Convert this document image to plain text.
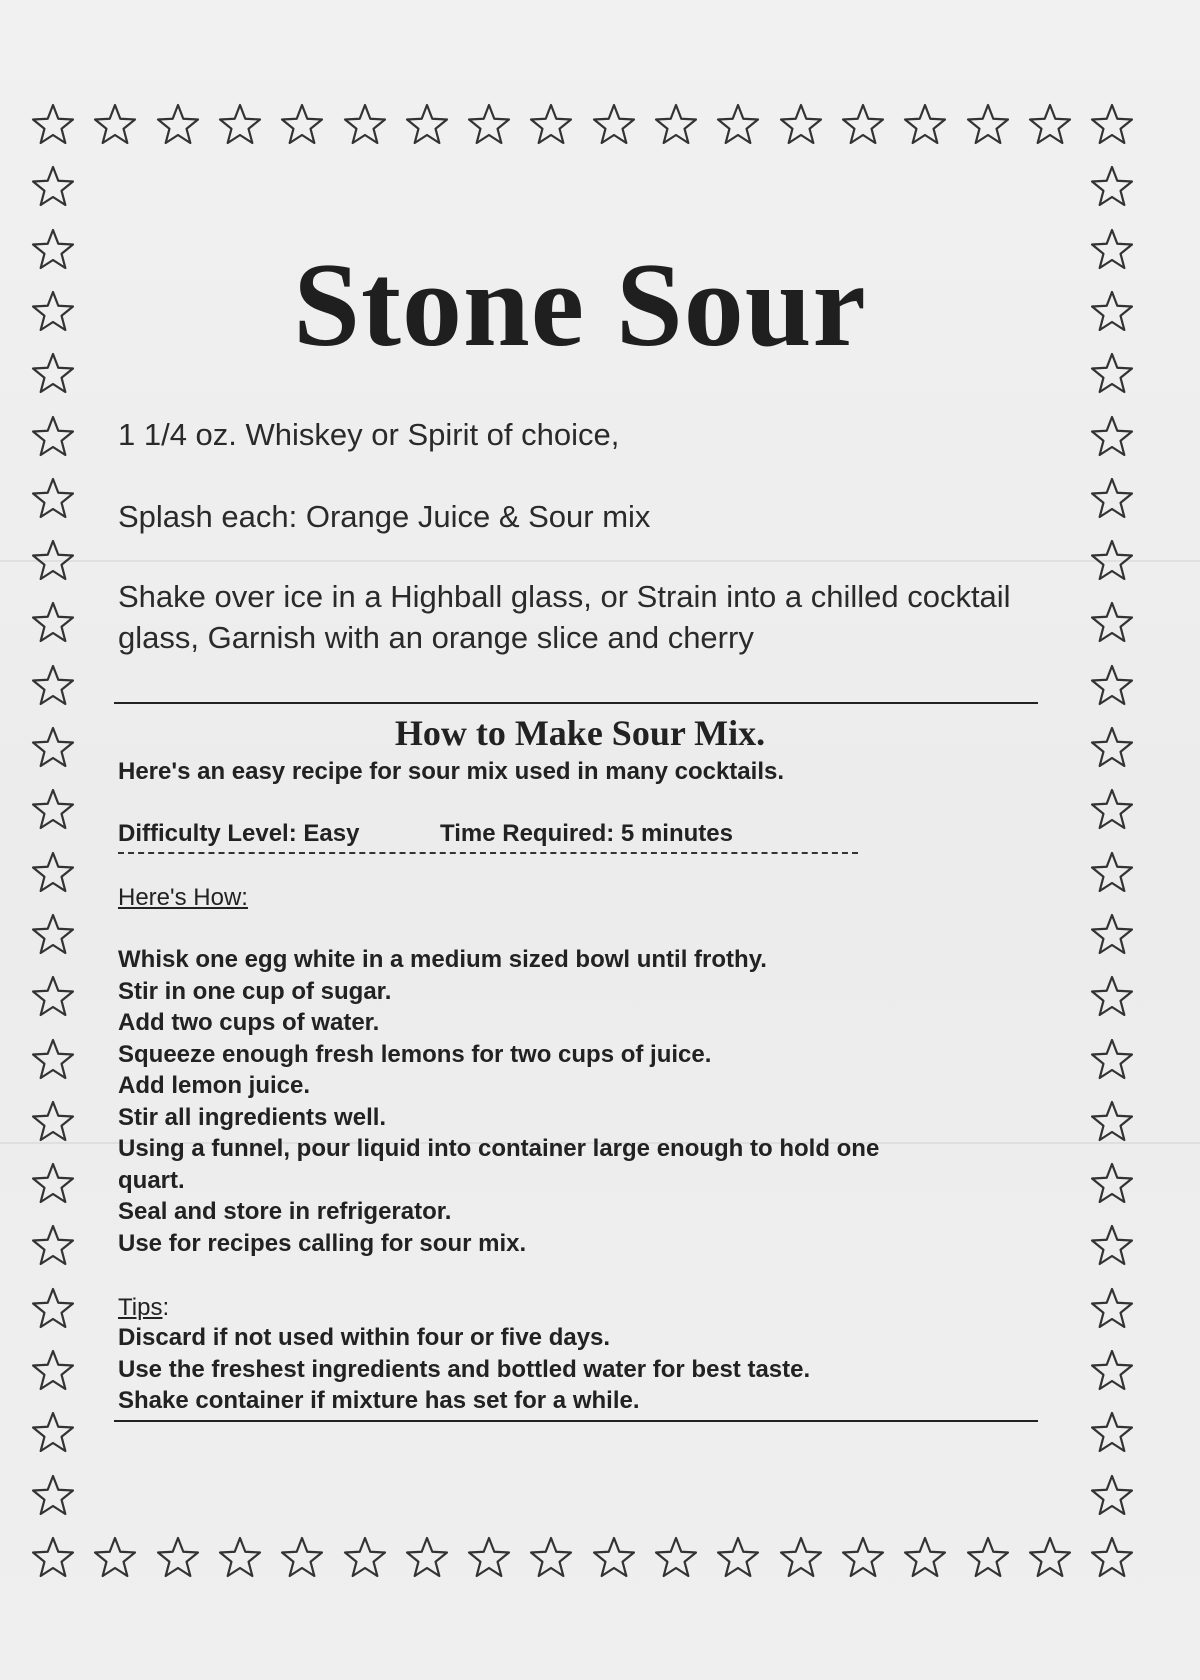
Stone Sour

1 1/4 oz. Whiskey or Spirit of choice,

Splash each: Orange Juice & Sour mix

Shake over ice in a Highball glass, or Strain into a chilled cocktail glass, Garnish with an orange slice and cherry

How to Make Sour Mix.

Here's an easy recipe for sour mix used in many cocktails.

Difficulty Level: Easy	Time Required: 5 minutes

Here's How:

Whisk one egg white in a medium sized bowl until frothy.
Stir in one cup of sugar.
Add two cups of water.
Squeeze enough fresh lemons for two cups of juice.
Add lemon juice.
Stir all ingredients well.
Using a funnel, pour liquid into container large enough to hold one
quart.
Seal and store in refrigerator.
Use for recipes calling for sour mix.

Tips:

Discard if not used within four or five days.
Use the freshest ingredients and bottled water for best taste.
Shake container if mixture has set for a while.
